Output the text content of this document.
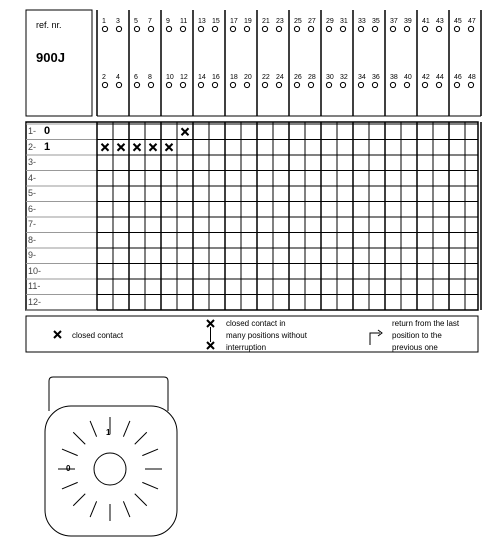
ref. nr.
900J
1 3
2 4
5 7
6 8
9 11
10 12
13 15
14 16
17 19
18 20
21 23
22 24
25 27
26 28
29 31
30 32
33 35
34 36
37 39
38 40
41 43
42 44
45 47
46 48
1- 0
2- 1
3-
4-
5-
6-
7-
8-
9-
10-
11-
12-
closed contact
closed contact in
many positions without
interruption
return from the last
position to the
previous one
1
0
